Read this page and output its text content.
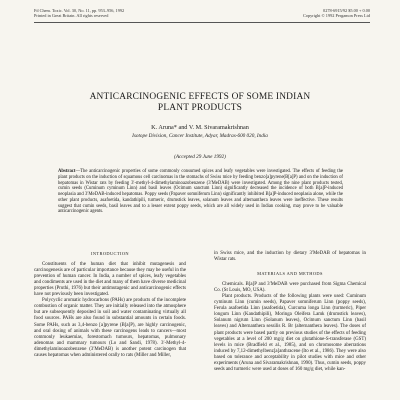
Fd Chem. Toxic. Vol. 30, No. 11, pp. 953–956, 1992
Printed in Great Britain. All rights reserved
0278-6915/92 $5.00 + 0.00
Copyright © 1992 Pergamon Press Ltd
ANTICARCINOGENIC EFFECTS OF SOME INDIAN
PLANT PRODUCTS
K. Aruna* and V. M. Sivaramakrishnan
Isotope Division, Cancer Institute, Adyar, Madras-600 020, India
(Accepted 29 June 1992)
Abstract—The anticarcinogenic properties of some commonly consumed spices and leafy vegetables were investigated. The effects of feeding the plant products on the induction of squamous cell carcinomas in the stomachs of Swiss mice by feeding benzo[a]pyrene(B[a]P) and on the induction of hepatomas in Wistar rats by feeding 3′-methyl-4-dimethylaminoazobenzene (3′MeDAB) were investigated. Among the nine plant products tested, cumin seeds (Cuminum cyminum Linn) and basil leaves (Ocimum sanctum Linn) significantly decreased the incidence of both B[a]P-induced neoplasia and 3′MeDAB-induced hepatomas. Poppy seeds (Papaver somniferum Linn) significantly inhibited B[a]P-induced neoplasia alone, while the other plant products, asafoetida, kandathipili, turmeric, drumstick leaves, solanum leaves and alternanthera leaves were ineffective. These results suggest that cumin seeds, basil leaves and to a lesser extent poppy seeds, which are all widely used in Indian cooking, may prove to be valuable anticarcinogenic agents.
INTRODUCTION

Constituents of the human diet that inhibit mutagenesis and carcinogenesis are of particular importance because they may be useful in the prevention of human cancer. In India, a number of spices, leafy vegetables and condiments are used in the diet and many of them have diverse medicinal properties (Pruthi, 1976) but their antimutagenic and anticarcinogenic effects have not previously been investigated.

Polycyclic aromatic hydrocarbons (PAHs) are products of the incomplete combustion of organic matter. They are initially released into the atmosphere but are subsequently deposited in soil and water contaminating virtually all food sources. PAHs are also found in substantial amounts in certain foods. Some PAHs, such as 3,4-benzo [a]pyrene (B[a]P), are highly carcinogenic, and oral dosing of animals with these carcinogens leads to cancers—most commonly leukaemias, forestomach tumours, hepatomas, pulmonary adenomas and mammary tumours (Lo and Sandi, 1978). 3′-Methyl-4-dimethylaminoazobenzene (3′MeDAB) is another potent carcinogen that causes hepatomas when administered orally to rats (Miller and Miller,

in Swiss mice, and the induction by dietary 3′MeDAB of hepatomas in Wistar rats.

MATERIALS AND METHODS

Chemicals. B[a]P and 3′MeDAB were purchased from Sigma Chemical Co. (St Louis, MO, USA).

Plant products. Products of the following plants were used: Cuminum cyminum Linn (cumin seeds), Papaver somniferum Linn (poppy seeds), Ferula asafoetida Linn (asafoetida), Curcuma longa Linn (turmeric), Piper longum Linn (Kandathipili), Moringa Oleifera Lamk (drumstick leaves), Solanum nigrum Linn (Solanum leaves), Ocimum sanctum Linn (basil leaves) and Alternanthera sessilis R. Br (alternanthera leaves). The doses of plant products were based partly on previous studies of the effects of feeding vegetables at a level of 200 mg/g diet on glutathione-S-transferase (GST) levels in mice (Bradfield et al., 1985), and on chromosome aberrations induced by 7,12-dimethylbenz[a]anthracene (Ito et al., 1986). They were also based on tolerance and acceptability in pilot studies with mice and other experiments (Aruna and Sivaramakrishnan, 1990). Thus, cumin seeds, poppy seeds and turmeric were used at doses of 160 mg/g diet, while kan-
